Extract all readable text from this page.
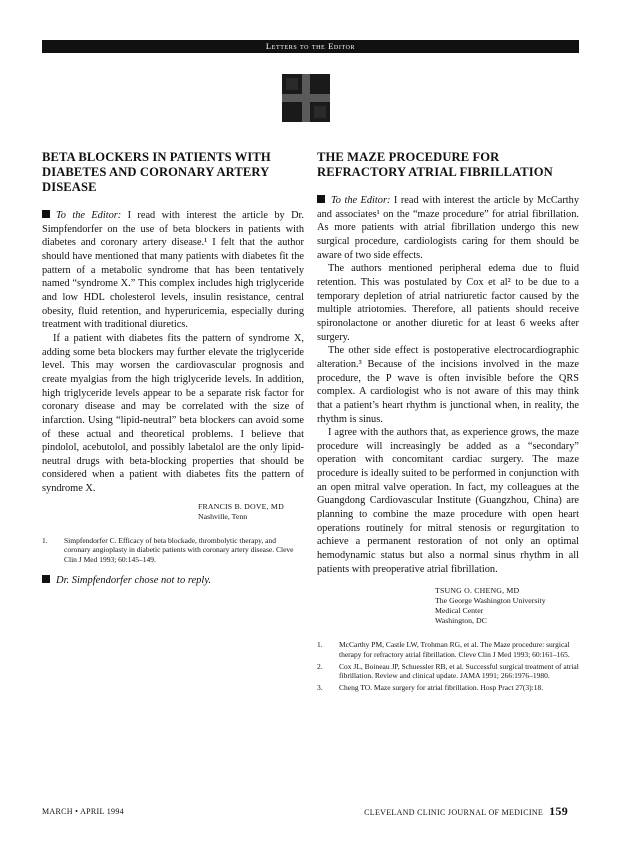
Letters to the Editor
BETA BLOCKERS IN PATIENTS WITH DIABETES AND CORONARY ARTERY DISEASE

To the Editor: I read with interest the article by Dr. Simpfendorfer on the use of beta blockers in patients with diabetes and coronary artery disease.¹ I felt that the author should have mentioned that many patients with diabetes fit the pattern of a metabolic syndrome that has been tentatively named “syndrome X.” This complex includes high triglyceride and low HDL cholesterol levels, insulin resistance, central obesity, fluid retention, and hyperuricemia, especially during treatment with traditional diuretics.

If a patient with diabetes fits the pattern of syndrome X, adding some beta blockers may further elevate the triglyceride level. This may worsen the cardiovascular prognosis and create myalgias from the high triglyceride levels. In addition, high triglyceride levels appear to be a separate risk factor for coronary disease and may be correlated with the size of infarction. Using “lipid-neutral” beta blockers can avoid some of these actual and theoretical problems. I believe that pindolol, acebutolol, and possibly labetalol are the only lipid-neutral drugs with beta-blocking properties that should be considered when a patient with diabetes fits the pattern of syndrome X.

FRANCIS B. DOVE, MD
Nashville, Tenn
1. Simpfendorfer C. Efficacy of beta blockade, thrombolytic therapy, and coronary angioplasty in diabetic patients with coronary artery disease. Cleve Clin J Med 1993; 60:145–149.
Dr. Simpfendorfer chose not to reply.
THE MAZE PROCEDURE FOR REFRACTORY ATRIAL FIBRILLATION

To the Editor: I read with interest the article by McCarthy and associates¹ on the “maze procedure” for atrial fibrillation. As more patients with atrial fibrillation undergo this new surgical procedure, cardiologists caring for them should be aware of two side effects.

The authors mentioned peripheral edema due to fluid retention. This was postulated by Cox et al² to be due to a temporary depletion of atrial natriuretic factor caused by the multiple atriotomies. Therefore, all patients should receive spironolactone or another diuretic for at least 6 weeks after surgery.

The other side effect is postoperative electrocardiographic alteration.³ Because of the incisions involved in the maze procedure, the P wave is often invisible before the QRS complex. A cardiologist who is not aware of this may think that a patient’s heart rhythm is junctional when, in reality, the rhythm is sinus.

I agree with the authors that, as experience grows, the maze procedure will increasingly be added as a “secondary” operation with concomitant cardiac surgery. The maze procedure is ideally suited to be performed in conjunction with an open mitral valve operation. In fact, my colleagues at the Guangdong Cardiovascular Institute (Guangzhou, China) are planning to combine the maze procedure with open heart operations routinely for mitral stenosis or regurgitation to achieve a permanent restoration of not only an optimal hemodynamic status but also a normal sinus rhythm in all patients with preoperative atrial fibrillation.

TSUNG O. CHENG, MD
The George Washington University
Medical Center
Washington, DC
1. McCarthy PM, Castle LW, Trohman RG, et al. The Maze procedure: surgical therapy for refractory atrial fibrillation. Cleve Clin J Med 1993; 60:161–165.
2. Cox JL, Boineau JP, Schuessler RB, et al. Successful surgical treatment of atrial fibrillation. Review and clinical update. JAMA 1991; 266:1976–1980.
3. Cheng TO. Maze surgery for atrial fibrillation. Hosp Pract 27(3):18.
MARCH • APRIL 1994	CLEVELAND CLINIC JOURNAL OF MEDICINE 159
